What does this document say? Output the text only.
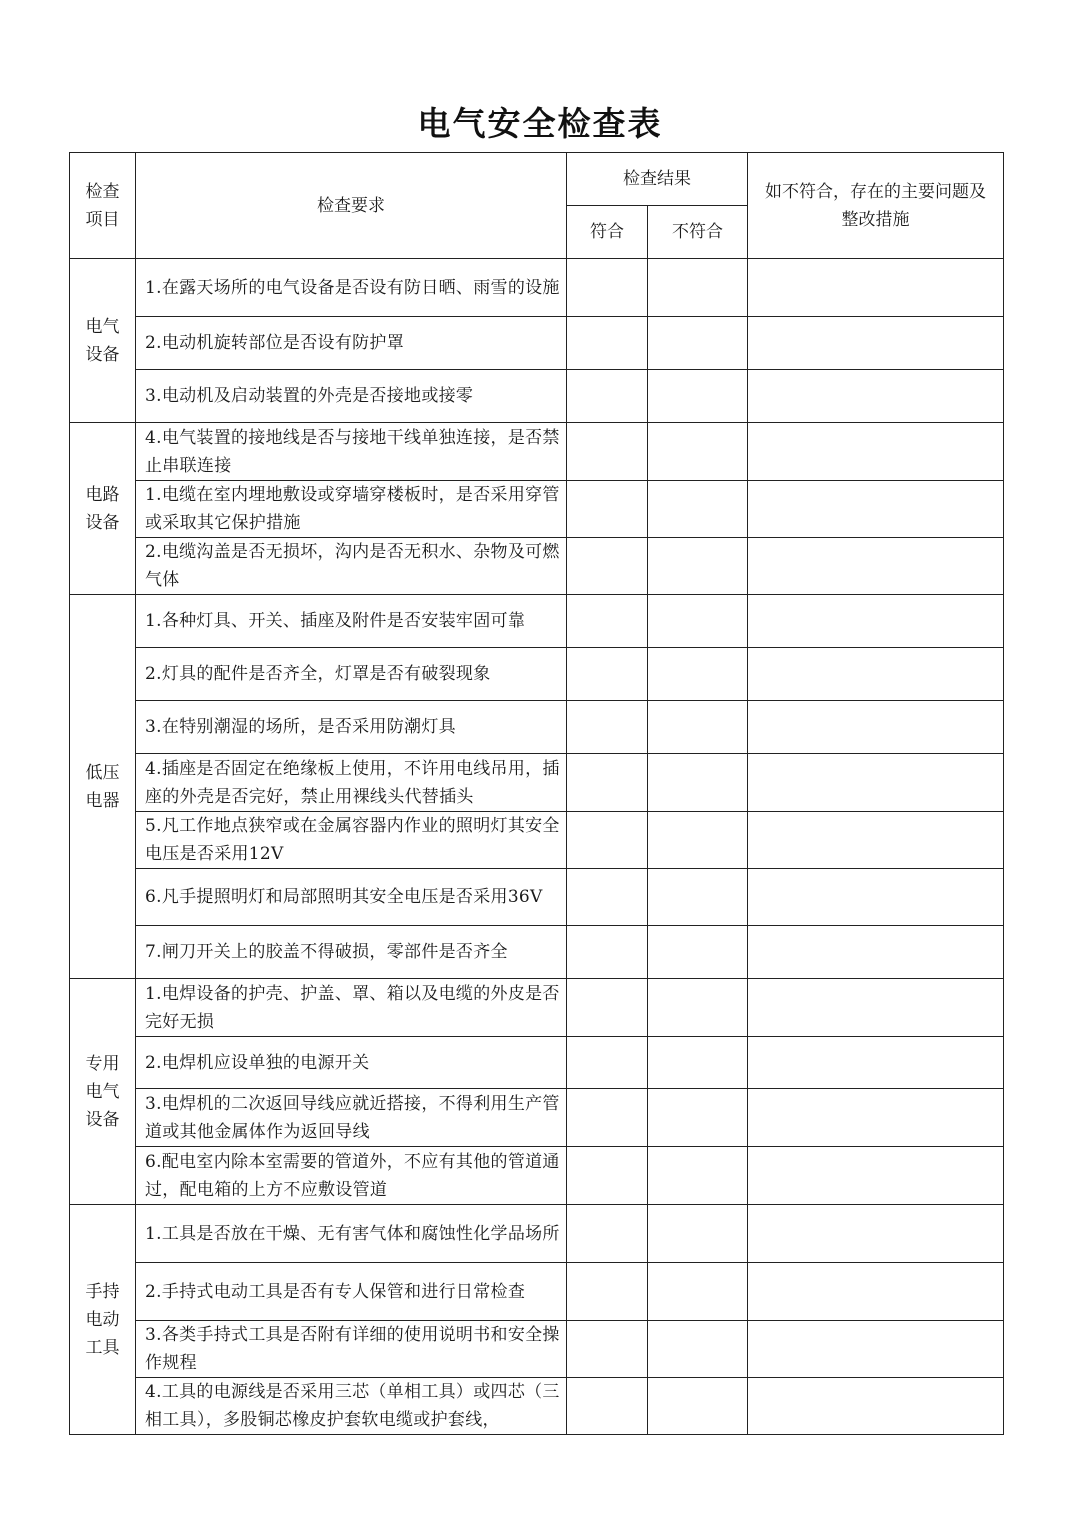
电气安全检查表
检查项目	检查要求	检查结果		如不符合，存在的主要问题及整改措施
		符合	不符合	
电气设备	1.在露天场所的电气设备是否设有防日晒、雨雪的设施			
	2.电动机旋转部位是否设有防护罩			
	3.电动机及启动装置的外壳是否接地或接零			
电路设备	4.电气装置的接地线是否与接地干线单独连接，是否禁止串联连接			
	1.电缆在室内埋地敷设或穿墙穿楼板时，是否采用穿管或采取其它保护措施			
	2.电缆沟盖是否无损坏，沟内是否无积水、杂物及可燃气体			
低压电器	1.各种灯具、开关、插座及附件是否安装牢固可靠			
	2.灯具的配件是否齐全，灯罩是否有破裂现象			
	3.在特别潮湿的场所，是否采用防潮灯具			
	4.插座是否固定在绝缘板上使用，不许用电线吊用，插座的外壳是否完好，禁止用裸线头代替插头			
	5.凡工作地点狭窄或在金属容器内作业的照明灯其安全电压是否采用12V			
	6.凡手提照明灯和局部照明其安全电压是否采用36V			
	7.闸刀开关上的胶盖不得破损，零部件是否齐全			
专用电气设备	1.电焊设备的护壳、护盖、罩、箱以及电缆的外皮是否完好无损			
	2.电焊机应设单独的电源开关			
	3.电焊机的二次返回导线应就近搭接，不得利用生产管道或其他金属体作为返回导线			
	6.配电室内除本室需要的管道外，不应有其他的管道通过，配电箱的上方不应敷设管道			
手持电动工具	1.工具是否放在干燥、无有害气体和腐蚀性化学品场所			
	2.手持式电动工具是否有专人保管和进行日常检查			
	3.各类手持式工具是否附有详细的使用说明书和安全操作规程			
	4.工具的电源线是否采用三芯（单相工具）或四芯（三相工具），多股铜芯橡皮护套软电缆或护套线，			
